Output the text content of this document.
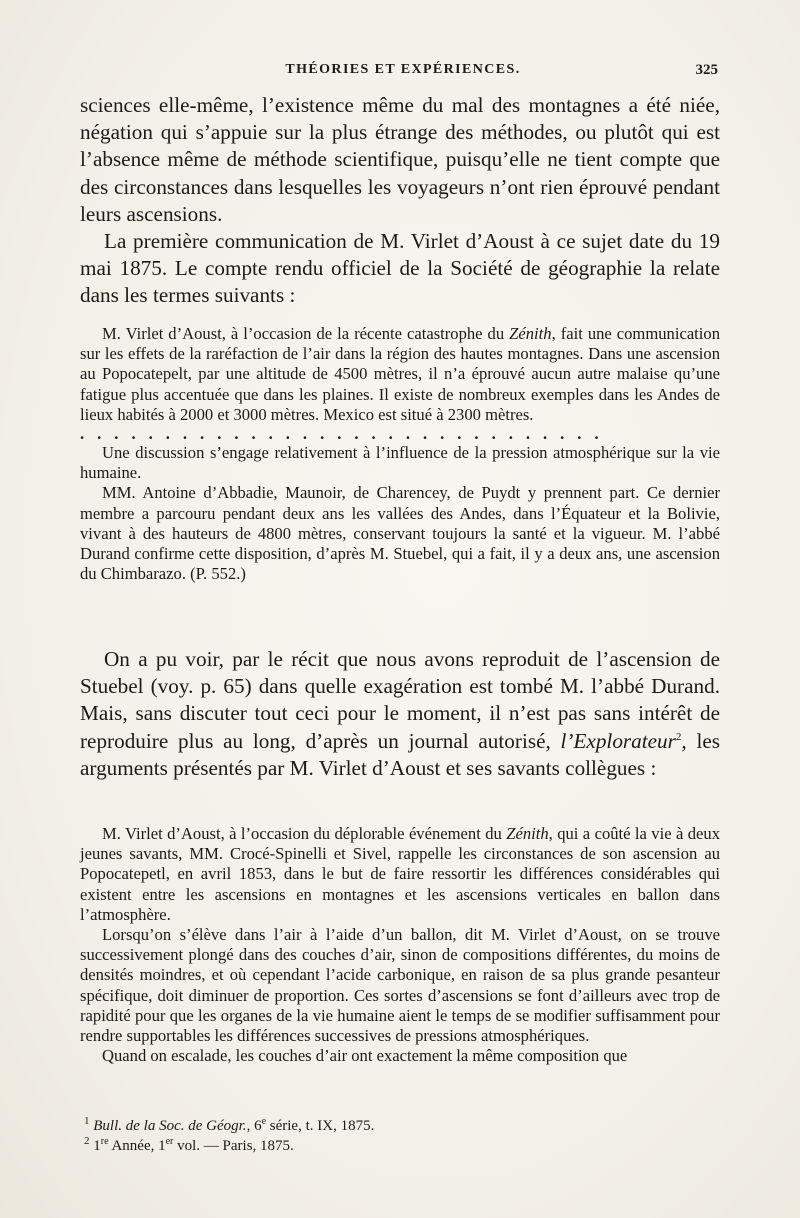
THÉORIES ET EXPÉRIENCES.	325

sciences elle-même, l’existence même du mal des montagnes a été niée, négation qui s’appuie sur la plus étrange des méthodes, ou plutôt qui est l’absence même de méthode scientifique, puisqu’elle ne tient compte que des circonstances dans lesquelles les voyageurs n’ont rien éprouvé pendant leurs ascensions.

La première communication de M. Virlet d’Aoust à ce sujet date du 19 mai 1875. Le compte rendu officiel de la Société de géographie la relate dans les termes suivants :

M. Virlet d’Aoust, à l’occasion de la récente catastrophe du Zénith, fait une communication sur les effets de la raréfaction de l’air dans la région des hautes montagnes. Dans une ascension au Popocatepelt, par une altitude de 4500 mètres, il n’a éprouvé aucun autre malaise qu’une fatigue plus accentuée que dans les plaines. Il existe de nombreux exemples dans les Andes de lieux habités à 2000 et 3000 mètres. Mexico est situé à 2300 mètres.

...............................

Une discussion s’engage relativement à l’influence de la pression atmosphérique sur la vie humaine.

MM. Antoine d’Abbadie, Maunoir, de Charencey, de Puydt y prennent part. Ce dernier membre a parcouru pendant deux ans les vallées des Andes, dans l’Équateur et la Bolivie, vivant à des hauteurs de 4800 mètres, conservant toujours la santé et la vigueur. M. l’abbé Durand confirme cette disposition, d’après M. Stuebel, qui a fait, il y a deux ans, une ascension du Chimbarazo. (P. 552.)

On a pu voir, par le récit que nous avons reproduit de l’ascension de Stuebel (voy. p. 65) dans quelle exagération est tombé M. l’abbé Durand. Mais, sans discuter tout ceci pour le moment, il n’est pas sans intérêt de reproduire plus au long, d’après un journal autorisé, l’Explorateur$^2$, les arguments présentés par M. Virlet d’Aoust et ses savants collègues :

M. Virlet d’Aoust, à l’occasion du déplorable événement du Zénith, qui a coûté la vie à deux jeunes savants, MM. Crocé-Spinelli et Sivel, rappelle les circonstances de son ascension au Popocatepetl, en avril 1853, dans le but de faire ressortir les différences considérables qui existent entre les ascensions en montagnes et les ascensions verticales en ballon dans l’atmosphère.

Lorsqu’on s’élève dans l’air à l’aide d’un ballon, dit M. Virlet d’Aoust, on se trouve successivement plongé dans des couches d’air, sinon de compositions différentes, du moins de densités moindres, et où cependant l’acide carbonique, en raison de sa plus grande pesanteur spécifique, doit diminuer de proportion. Ces sortes d’ascensions se font d’ailleurs avec trop de rapidité pour que les organes de la vie humaine aient le temps de se modifier suffisamment pour rendre supportables les différences successives de pressions atmosphériques.

Quand on escalade, les couches d’air ont exactement la même composition que

$^1$ Bull. de la Soc. de Géogr., 6e série, t. IX, 1875.

$^2$ 1re Année, 1er vol. — Paris, 1875.
